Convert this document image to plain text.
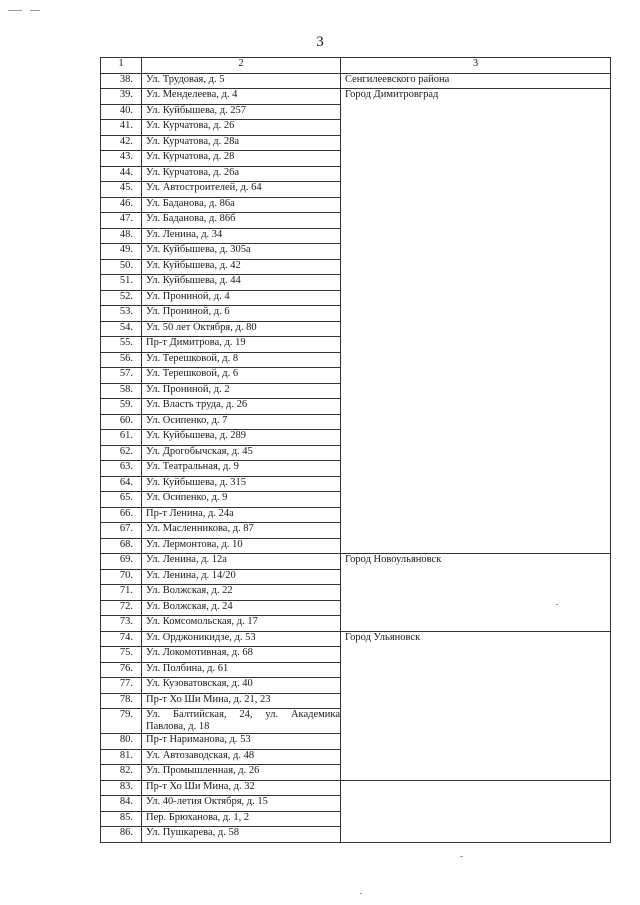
3
1	2	3
38.	Ул. Трудовая, д. 5	Сенгилеевского района
39.	Ул. Менделеева, д. 4	Город Димитровград
40.	Ул. Куйбышева, д. 257	
41.	Ул. Курчатова, д. 26	
42.	Ул. Курчатова, д. 28а	
43.	Ул. Курчатова, д. 28	
44.	Ул. Курчатова, д. 26а	
45.	Ул. Автостроителей, д. 64	
46.	Ул. Баданова, д. 86а	
47.	Ул. Баданова, д. 86б	
48.	Ул. Ленина, д. 34	
49.	Ул. Куйбышева, д. 305а	
50.	Ул. Куйбышева, д. 42	
51.	Ул. Куйбышева, д. 44	
52.	Ул. Прониной, д. 4	
53.	Ул. Прониной, д. 6	
54.	Ул. 50 лет Октября, д. 80	
55.	Пр-т Димитрова, д. 19	
56.	Ул. Терешковой, д. 8	
57.	Ул. Терешковой, д. 6	
58.	Ул. Прониной, д. 2	
59.	Ул. Власть труда, д. 26	
60.	Ул. Осипенко, д. 7	
61.	Ул. Куйбышева, д. 289	
62.	Ул. Дрогобычская, д. 45	
63.	Ул. Театральная, д. 9	
64.	Ул. Куйбышева, д. 315	
65.	Ул. Осипенко, д. 9	
66.	Пр-т Ленина, д. 24а	
67.	Ул. Масленникова, д. 87	
68.	Ул. Лермонтова, д. 10	
69.	Ул. Ленина, д. 12а	Город Новоульяновск
70.	Ул. Ленина, д. 14/20	
71.	Ул. Волжская, д. 22	
72.	Ул. Волжская, д. 24	
73.	Ул. Комсомольская, д. 17	
74.	Ул. Орджоникидзе, д. 53	Город Ульяновск
75.	Ул. Локомотивная, д. 68	
76.	Ул. Полбина, д. 61	
77.	Ул. Кузоватовская, д. 40	
78.	Пр-т Хо Ши Мина, д. 21, 23	
79.	Ул. Балтийская, 24, ул. Академика Павлова, д. 18	
80.	Пр-т Нариманова, д. 53	
81.	Ул. Автозаводская, д. 48	
82.	Ул. Промышленная, д. 26	
83.	Пр-т Хо Ши Мина, д. 32	
84.	Ул. 40-летия Октября, д. 15	
85.	Пер. Брюханова, д. 1, 2	
86.	Ул. Пушкарева, д. 58	
